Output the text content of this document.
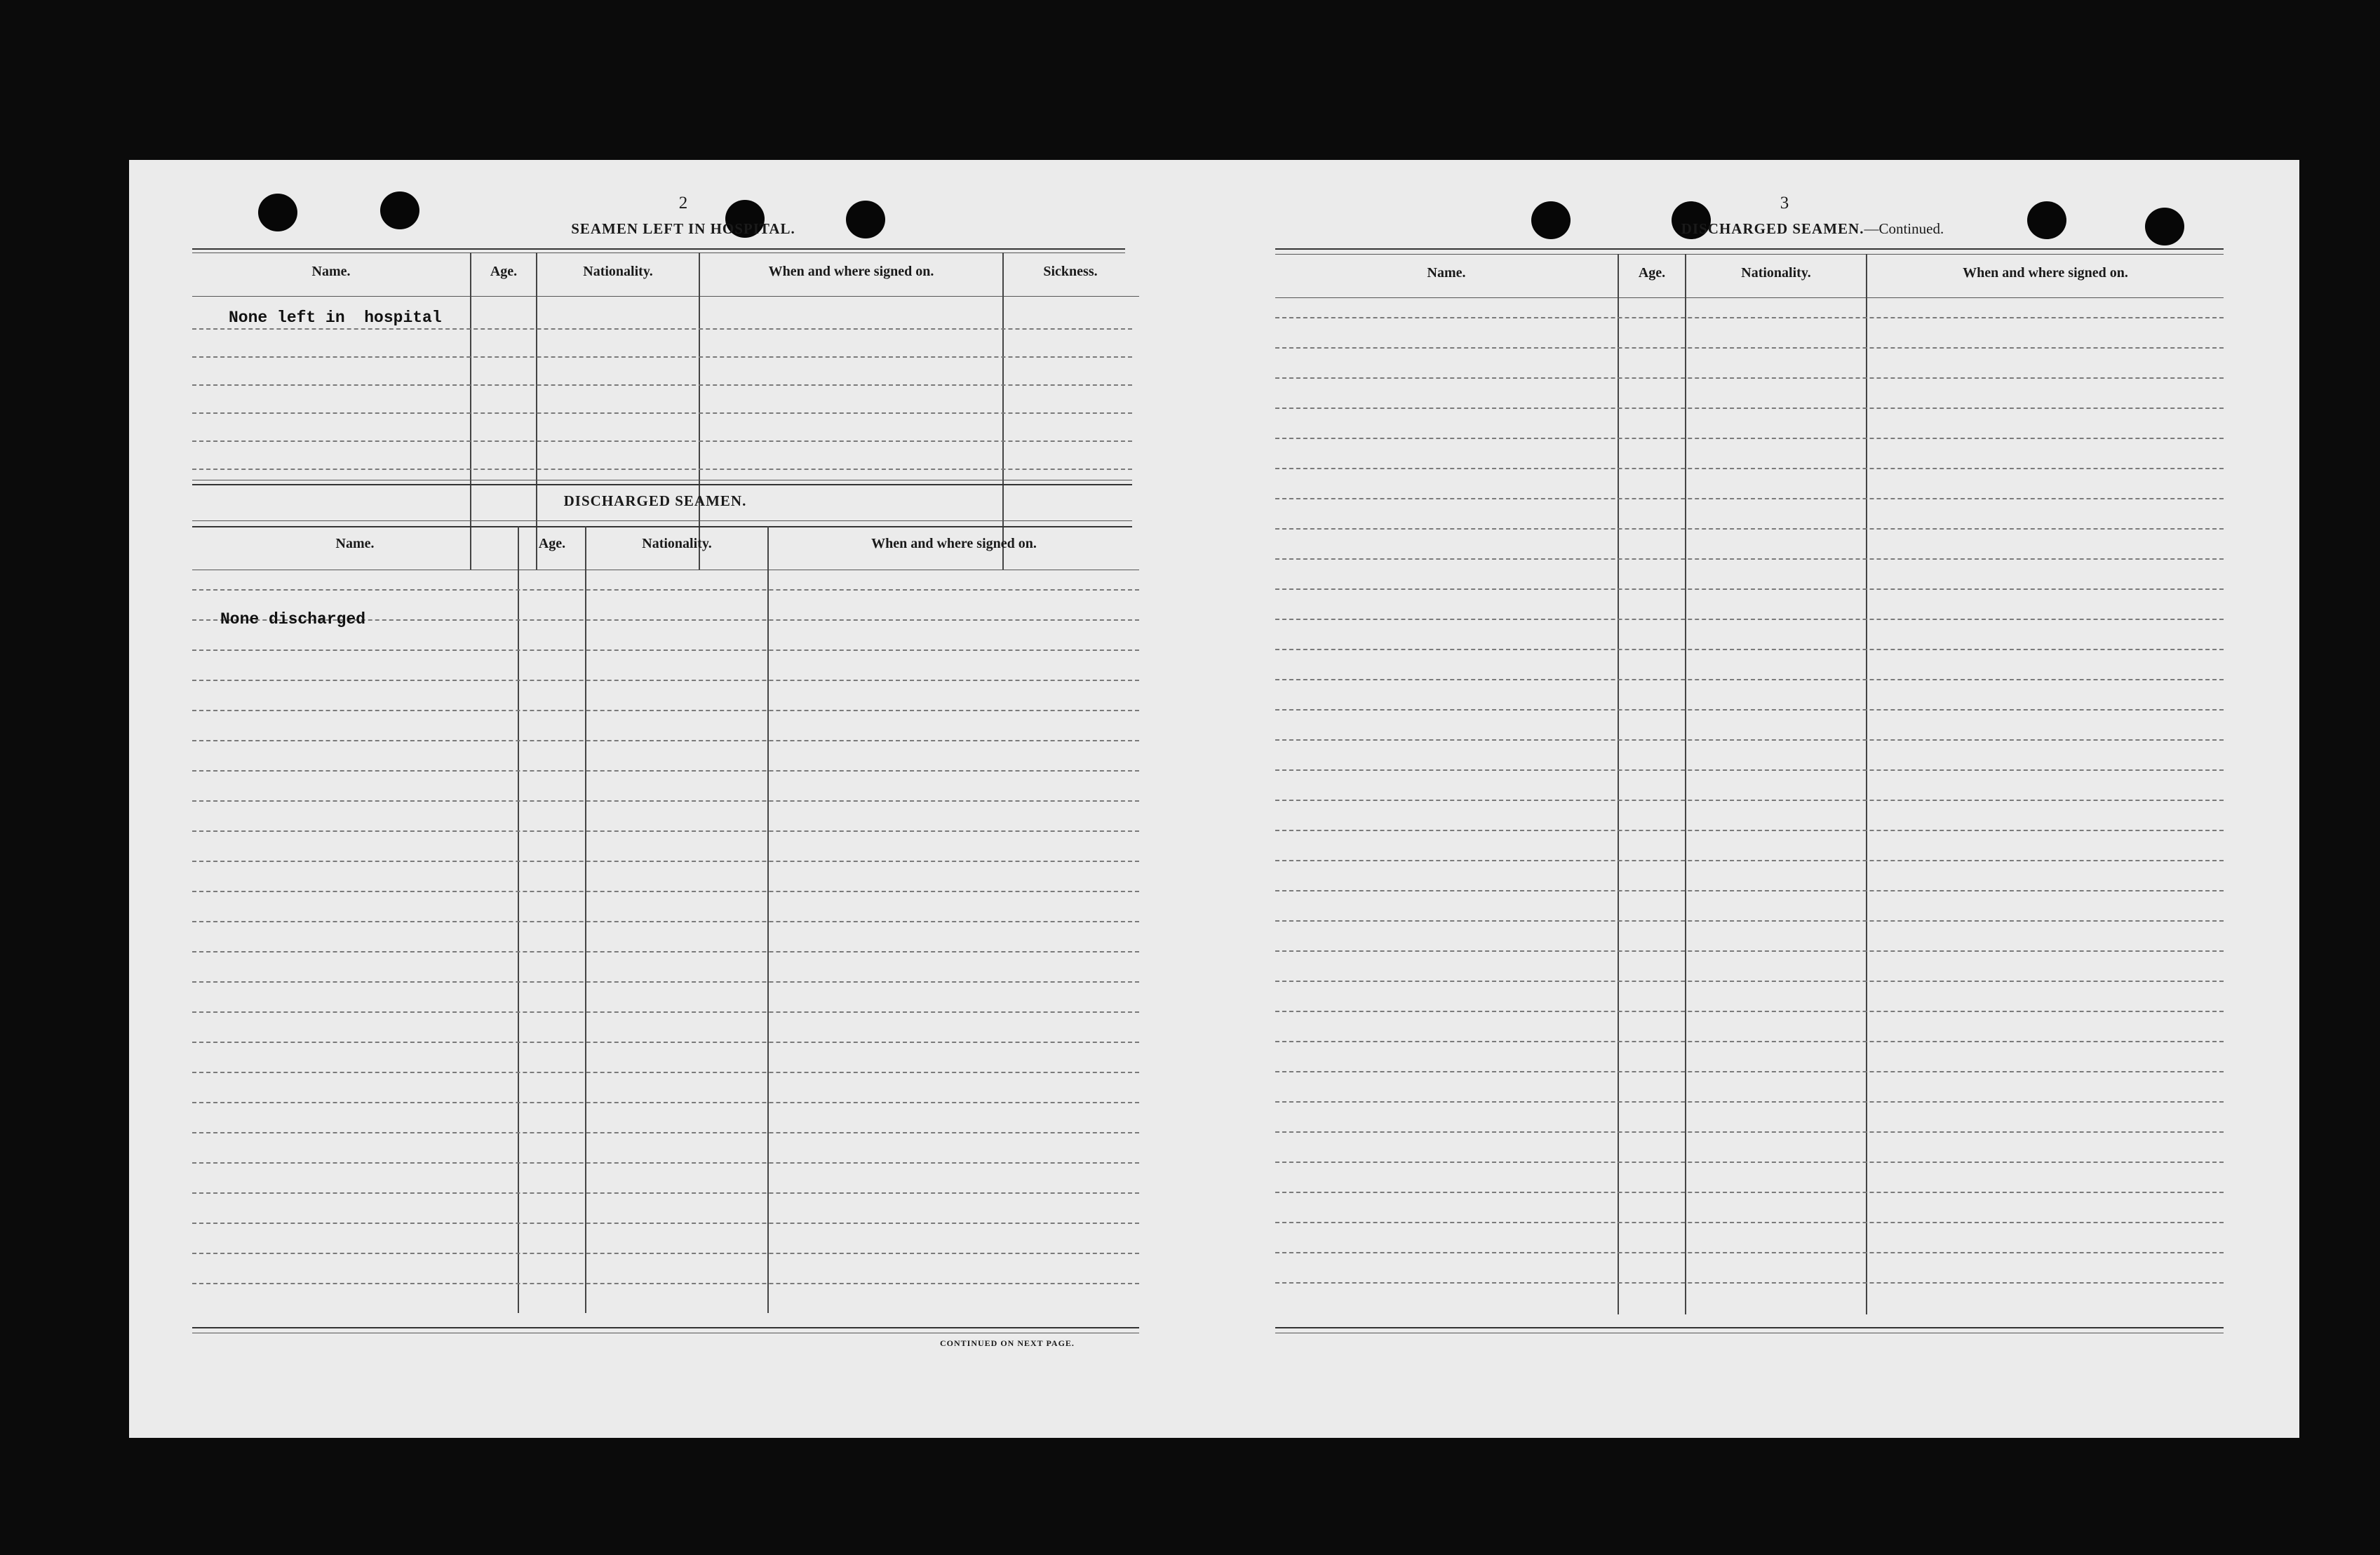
2
SEAMEN LEFT IN HOSPITAL.
Name.	Age.	Nationality.	When and where signed on.	Sickness.
None left in  hospital
DISCHARGED SEAMEN.
Name.	Age.	Nationality.	When and where signed on.
None discharged
CONTINUED ON NEXT PAGE.
3
DISCHARGED SEAMEN.—Continued.
Name.	Age.	Nationality.	When and where signed on.
